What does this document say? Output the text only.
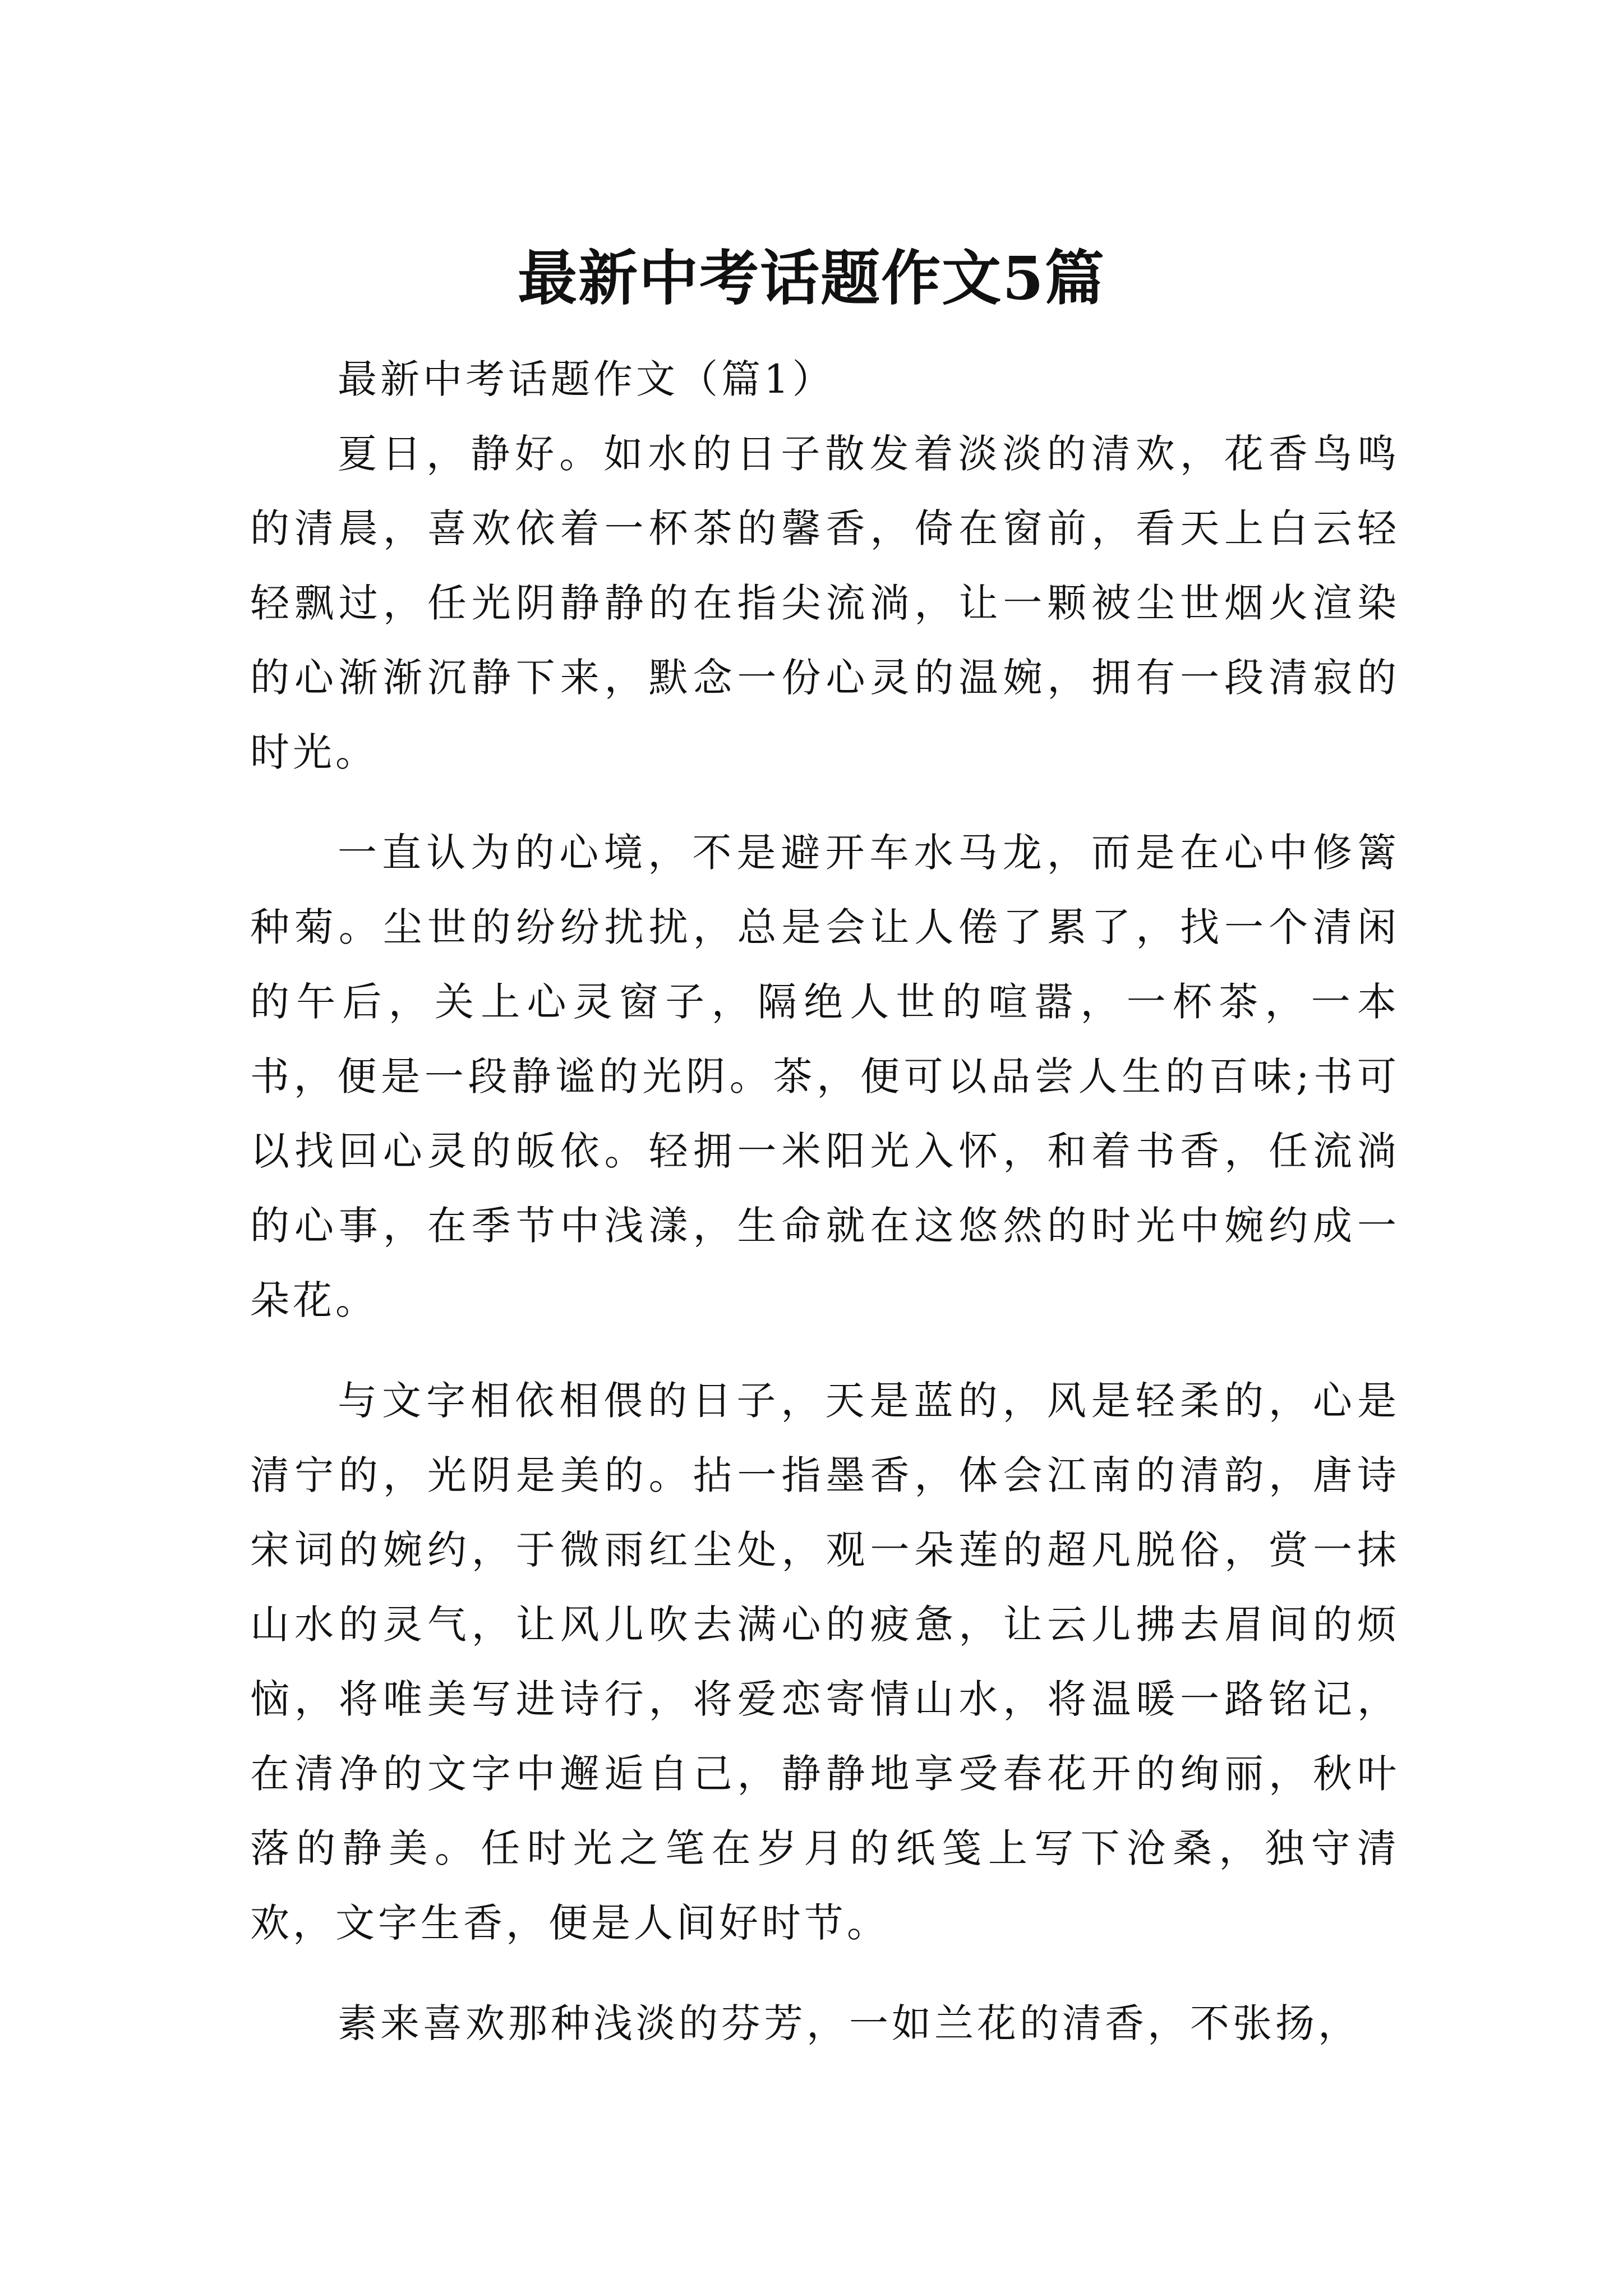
最新中考话题作文5篇

最新中考话题作文（篇1）

夏日，静好。如水的日子散发着淡淡的清欢，花香鸟鸣的清晨，喜欢依着一杯茶的馨香，倚在窗前，看天上白云轻轻飘过，任光阴静静的在指尖流淌，让一颗被尘世烟火渲染的心渐渐沉静下来，默念一份心灵的温婉，拥有一段清寂的时光。

一直认为的心境，不是避开车水马龙，而是在心中修篱种菊。尘世的纷纷扰扰，总是会让人倦了累了，找一个清闲的午后，关上心灵窗子，隔绝人世的喧嚣，一杯茶，一本书，便是一段静谧的光阴。茶，便可以品尝人生的百味;书可以找回心灵的皈依。轻拥一米阳光入怀，和着书香，任流淌的心事，在季节中浅漾，生命就在这悠然的时光中婉约成一朵花。

与文字相依相偎的日子，天是蓝的，风是轻柔的，心是清宁的，光阴是美的。拈一指墨香，体会江南的清韵，唐诗宋词的婉约，于微雨红尘处，观一朵莲的超凡脱俗，赏一抹山水的灵气，让风儿吹去满心的疲惫，让云儿拂去眉间的烦恼，将唯美写进诗行，将爱恋寄情山水，将温暖一路铭记，在清净的文字中邂逅自己，静静地享受春花开的绚丽，秋叶落的静美。任时光之笔在岁月的纸笺上写下沧桑，独守清欢，文字生香，便是人间好时节。

素来喜欢那种浅淡的芬芳，一如兰花的清香，不张扬，
